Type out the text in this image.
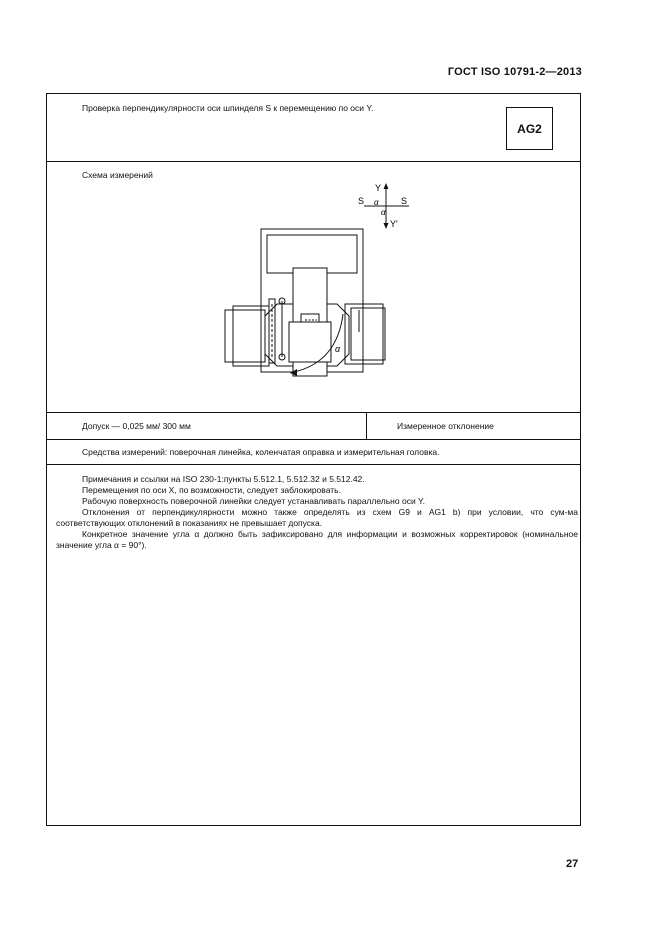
ГОСТ ISO 10791-2—2013
Проверка перпендикулярности оси шпинделя S к перемещению по оси Y.
AG2
Схема измерений
Y
Y'
S	S
α
α
α
Допуск — 0,025 мм/ 300 мм	Измеренное отклонение
Средства измерений: поверочная линейка, коленчатая оправка и измерительная головка.

Примечания и ссылки на ISO 230-1:пункты 5.512.1, 5.512.32 и 5.512.42.

Перемещения по оси X, по возможности, следует заблокировать.

Рабочую поверхность поверочной линейки следует устанавливать параллельно оси Y.

Отклонения от перпендикулярности можно также определять из схем G9 и AG1 b) при условии, что сум-ма соответствующих отклонений в показаниях не превышает допуска.

Конкретное значение угла α должно быть зафиксировано для информации и возможных корректировок (номинальное значение угла α = 90°).

27
